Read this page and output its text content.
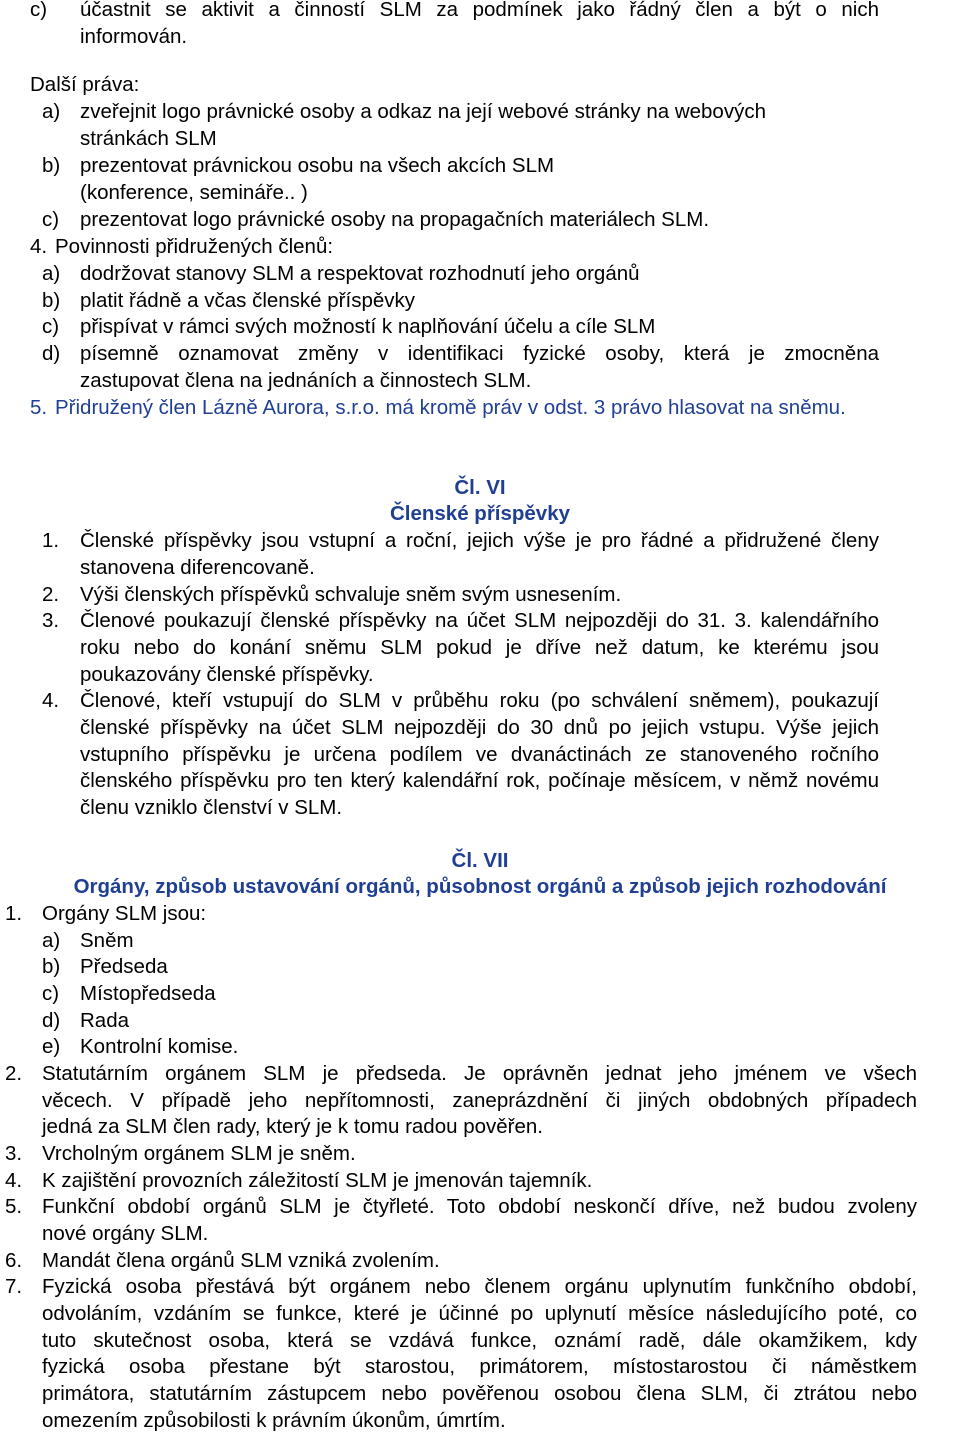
c) účastnit se aktivit a činností SLM za podmínek jako řádný člen a být o nich
informován.
Další práva:
a) zveřejnit logo právnické osoby a odkaz na její webové stránky na webových
stránkách SLM
b) prezentovat právnickou osobu na všech akcích SLM
(konference, semináře.. )
c) prezentovat logo právnické osoby na propagačních materiálech SLM.
4. Povinnosti přidružených členů:
a) dodržovat stanovy SLM a respektovat rozhodnutí jeho orgánů
b) platit řádně a včas členské příspěvky
c) přispívat v rámci svých možností k naplňování účelu a cíle SLM
d) písemně oznamovat změny v identifikaci fyzické osoby, která je zmocněna
zastupovat člena na jednáních a činnostech SLM.
5. Přidružený člen Lázně Aurora, s.r.o. má kromě práv v odst. 3 právo hlasovat na sněmu.
Čl. VI
Členské příspěvky
1. Členské příspěvky jsou vstupní a roční, jejich výše je pro řádné a přidružené členy
stanovena diferencovaně.
2. Výši členských příspěvků schvaluje sněm svým usnesením.
3. Členové poukazují členské příspěvky na účet SLM nejpozději do 31. 3. kalendářního
roku nebo do konání sněmu SLM pokud je dříve než datum, ke kterému jsou
poukazovány členské příspěvky.
4. Členové, kteří vstupují do SLM v průběhu roku (po schválení sněmem), poukazují
členské příspěvky na účet SLM nejpozději do 30 dnů po jejich vstupu. Výše jejich
vstupního příspěvku je určena podílem ve dvanáctinách ze stanoveného ročního
členského příspěvku pro ten který kalendářní rok, počínaje měsícem, v němž novému
členu vzniklo členství v SLM.
Čl. VII
Orgány, způsob ustavování orgánů, působnost orgánů a způsob jejich rozhodování
1. Orgány SLM jsou:
a) Sněm
b) Předseda
c) Místopředseda
d) Rada
e) Kontrolní komise.
2. Statutárním orgánem SLM je předseda. Je oprávněn jednat jeho jménem ve všech
věcech. V případě jeho nepřítomnosti, zaneprázdnění či jiných obdobných případech
jedná za SLM člen rady, který je k tomu radou pověřen.
3. Vrcholným orgánem SLM je sněm.
4. K zajištění provozních záležitostí SLM je jmenován tajemník.
5. Funkční období orgánů SLM je čtyřleté. Toto období neskončí dříve, než budou zvoleny
nové orgány SLM.
6. Mandát člena orgánů SLM vzniká zvolením.
7. Fyzická osoba přestává být orgánem nebo členem orgánu uplynutím funkčního období,
odvoláním, vzdáním se funkce, které je účinné po uplynutí měsíce následujícího poté, co
tuto skutečnost osoba, která se vzdává funkce, oznámí radě, dále okamžikem, kdy
fyzická osoba přestane být starostou, primátorem, místostarostou či náměstkem
primátora, statutárním zástupcem nebo pověřenou osobou člena SLM, či ztrátou nebo
omezením způsobilosti k právním úkonům, úmrtím.
